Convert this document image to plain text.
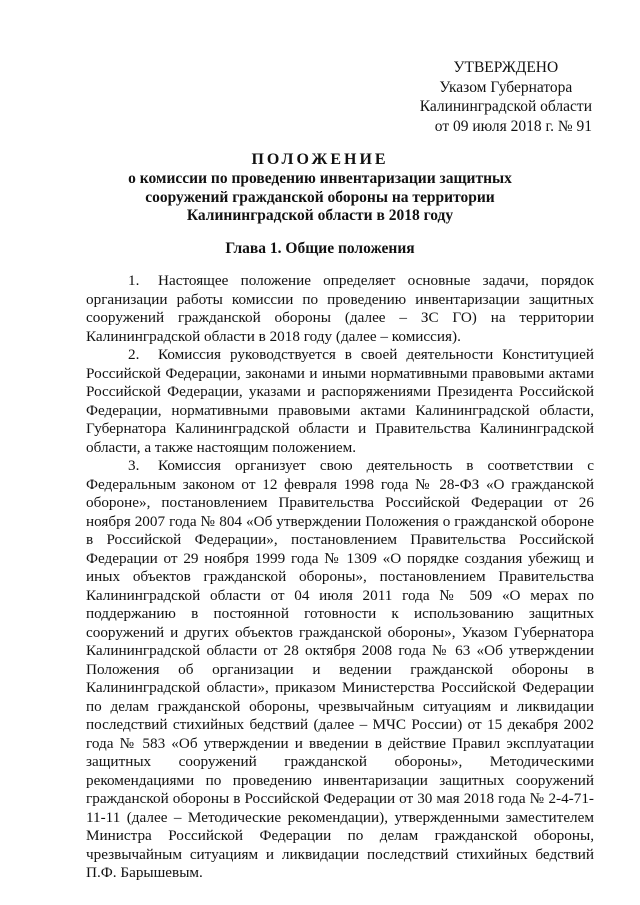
УТВЕРЖДЕНО
Указом Губернатора
Калининградской области
от 09 июля 2018 г. № 91
ПОЛОЖЕНИЕ
о комиссии по проведению инвентаризации защитных сооружений гражданской обороны на территории Калининградской области в 2018 году
Глава 1. Общие положения

1. Настоящее положение определяет основные задачи, порядок организации работы комиссии по проведению инвентаризации защитных сооружений гражданской обороны (далее – ЗС ГО) на территории Калининградской области в 2018 году (далее – комиссия).

2. Комиссия руководствуется в своей деятельности Конституцией Российской Федерации, законами и иными нормативными правовыми актами Российской Федерации, указами и распоряжениями Президента Российской Федерации, нормативными правовыми актами Калининградской области, Губернатора Калининградской области и Правительства Калининградской области, а также настоящим положением.

3. Комиссия организует свою деятельность в соответствии с Федеральным законом от 12 февраля 1998 года № 28-ФЗ «О гражданской обороне», постановлением Правительства Российской Федерации от 26 ноября 2007 года № 804 «Об утверждении Положения о гражданской обороне в Российской Федерации», постановлением Правительства Российской Федерации от 29 ноября 1999 года № 1309 «О порядке создания убежищ и иных объектов гражданской обороны», постановлением Правительства Калининградской области от 04 июля 2011 года № 509 «О мерах по поддержанию в постоянной готовности к использованию защитных сооружений и других объектов гражданской обороны», Указом Губернатора Калининградской области от 28 октября 2008 года № 63 «Об утверждении Положения об организации и ведении гражданской обороны в Калининградской области», приказом Министерства Российской Федерации по делам гражданской обороны, чрезвычайным ситуациям и ликвидации последствий стихийных бедствий (далее – МЧС России) от 15 декабря 2002 года № 583 «Об утверждении и введении в действие Правил эксплуатации защитных сооружений гражданской обороны», Методическими рекомендациями по проведению инвентаризации защитных сооружений гражданской обороны в Российской Федерации от 30 мая 2018 года № 2-4-71-11-11 (далее – Методические рекомендации), утвержденными заместителем Министра Российской Федерации по делам гражданской обороны, чрезвычайным ситуациям и ликвидации последствий стихийных бедствий П.Ф. Барышевым.
